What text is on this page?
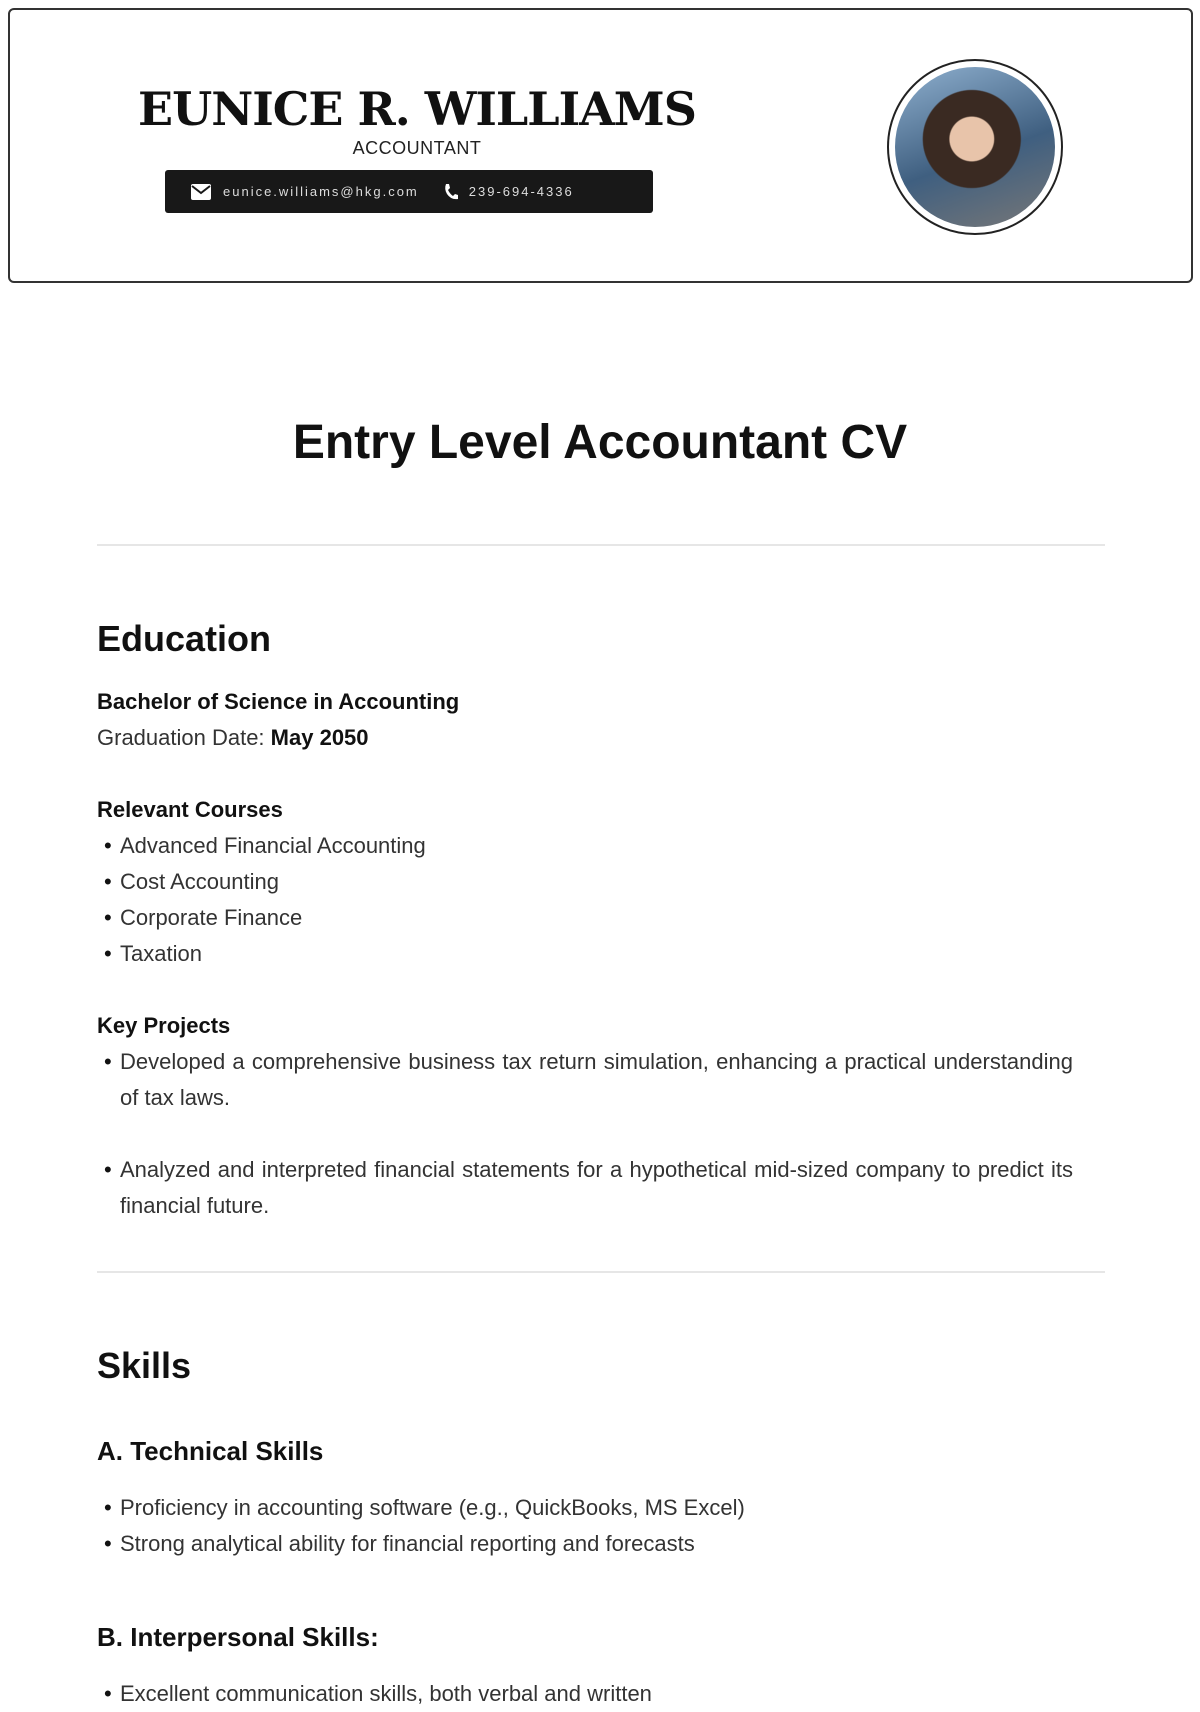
EUNICE R. WILLIAMS
ACCOUNTANT
eunice.williams@hkg.com	239-694-4336
Entry Level Accountant CV
Education
Bachelor of Science in Accounting
Graduation Date: May 2050
Relevant Courses
• Advanced Financial Accounting
• Cost Accounting
• Corporate Finance
• Taxation
Key Projects
• Developed a comprehensive business tax return simulation, enhancing a practical understanding of tax laws.
• Analyzed and interpreted financial statements for a hypothetical mid-sized company to predict its financial future.
Skills
A. Technical Skills
• Proficiency in accounting software (e.g., QuickBooks, MS Excel)
• Strong analytical ability for financial reporting and forecasts
B. Interpersonal Skills:
• Excellent communication skills, both verbal and written
